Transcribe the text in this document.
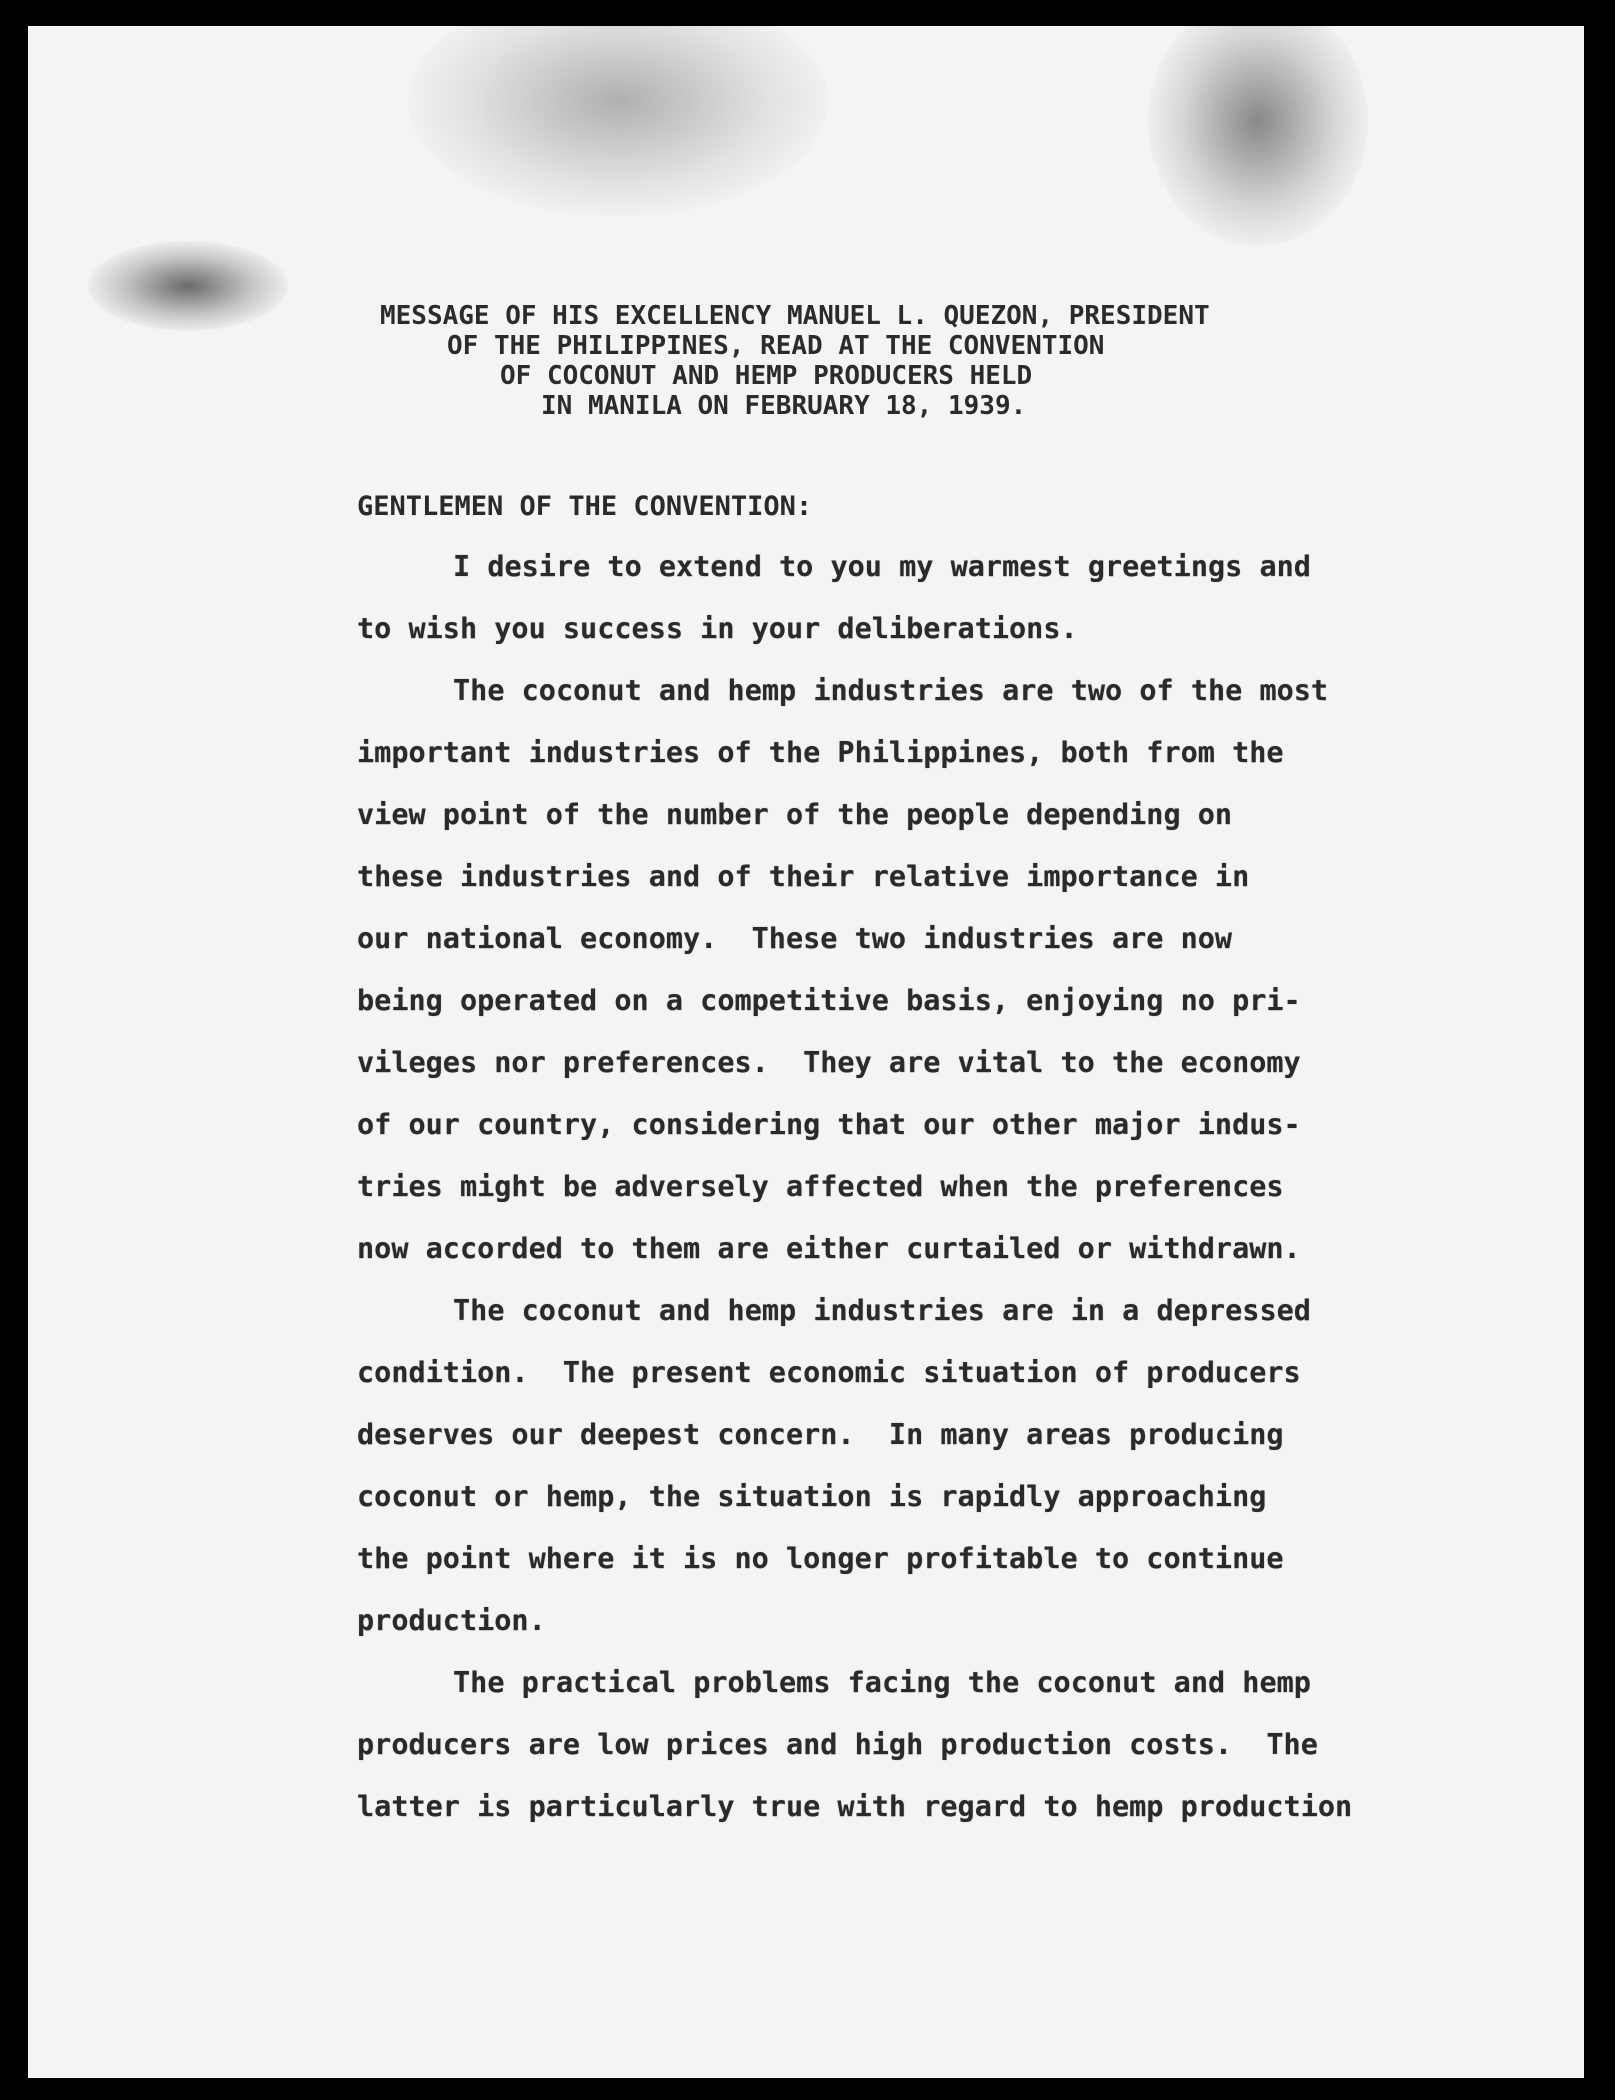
MESSAGE OF HIS EXCELLENCY MANUEL L. QUEZON, PRESIDENT
OF THE PHILIPPINES, READ AT THE CONVENTION
OF COCONUT AND HEMP PRODUCERS HELD
IN MANILA ON FEBRUARY 18, 1939.
GENTLEMEN OF THE CONVENTION:
I desire to extend to you my warmest greetings and
to wish you success in your deliberations.
The coconut and hemp industries are two of the most
important industries of the Philippines, both from the
view point of the number of the people depending on
these industries and of their relative importance in
our national economy.  These two industries are now
being operated on a competitive basis, enjoying no pri-
vileges nor preferences.  They are vital to the economy
of our country, considering that our other major indus-
tries might be adversely affected when the preferences
now accorded to them are either curtailed or withdrawn.
The coconut and hemp industries are in a depressed
condition.  The present economic situation of producers
deserves our deepest concern.  In many areas producing
coconut or hemp, the situation is rapidly approaching
the point where it is no longer profitable to continue
production.
The practical problems facing the coconut and hemp
producers are low prices and high production costs.  The
latter is particularly true with regard to hemp production
